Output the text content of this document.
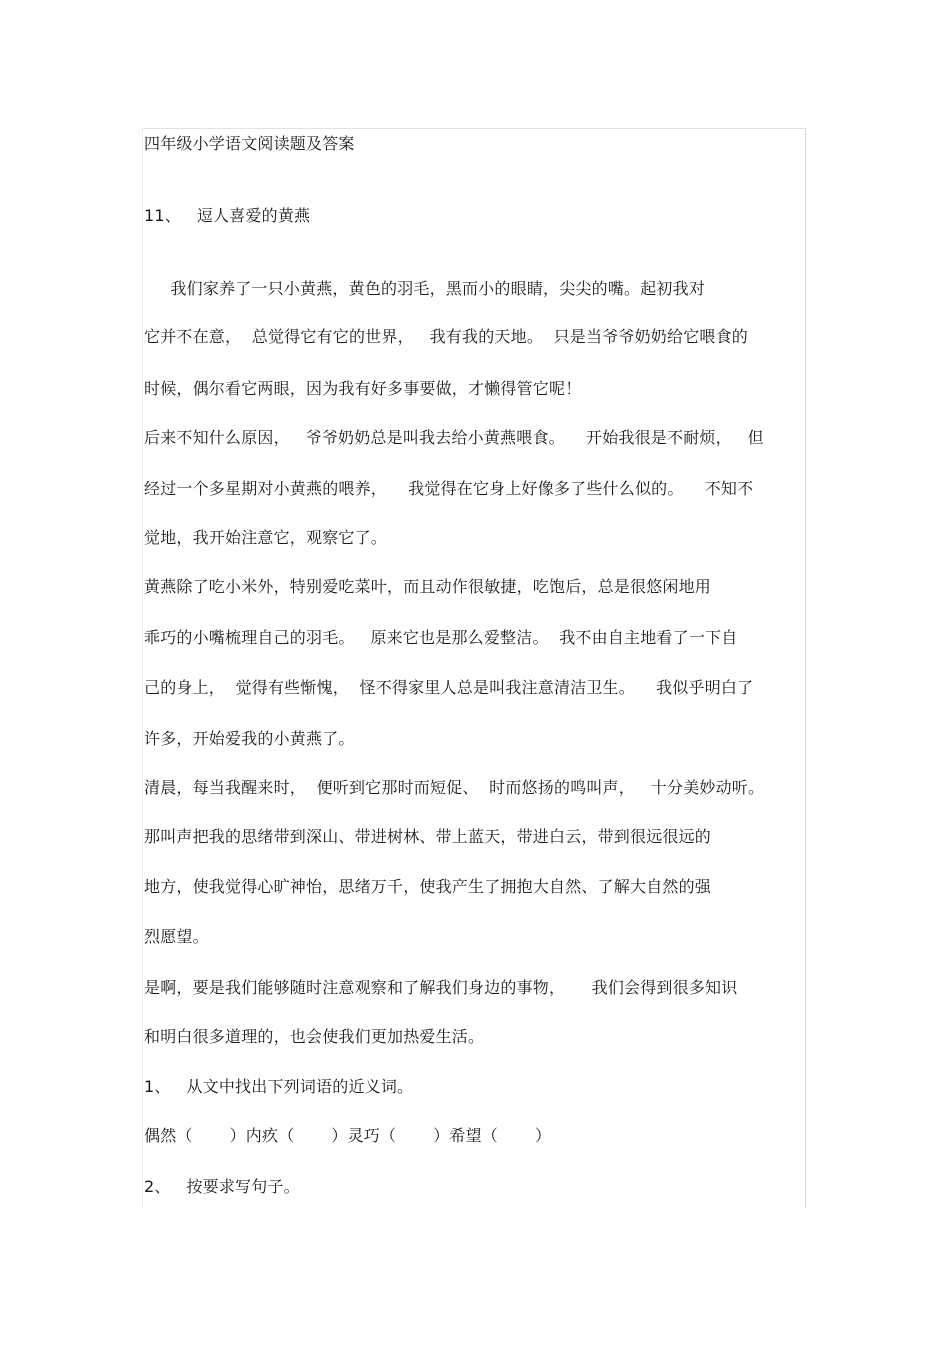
四年级小学语文阅读题及答案
11、   逗人喜爱的黄燕
我们家养了一只小黄燕，黄色的羽毛，黑而小的眼睛，尖尖的嘴。起初我对
它并不在意，  总觉得它有它的世界，   我有我的天地。  只是当爷爷奶奶给它喂食的
时候，偶尔看它两眼，因为我有好多事要做，才懒得管它呢！
后来不知什么原因，   爷爷奶奶总是叫我去给小黄燕喂食。    开始我很是不耐烦，   但
经过一个多星期对小黄燕的喂养，    我觉得在它身上好像多了些什么似的。    不知不
觉地，我开始注意它，观察它了。
黄燕除了吃小米外，特别爱吃菜叶，而且动作很敏捷，吃饱后，总是很悠闲地用
乖巧的小嘴梳理自己的羽毛。   原来它也是那么爱整洁。  我不由自主地看了一下自
己的身上，  觉得有些惭愧，  怪不得家里人总是叫我注意清洁卫生。    我似乎明白了
许多，开始爱我的小黄燕了。
清晨，每当我醒来时，  便听到它那时而短促、  时而悠扬的鸣叫声，   十分美妙动听。
那叫声把我的思绪带到深山、带进树林、带上蓝天，带进白云，带到很远很远的
地方，使我觉得心旷神怡，思绪万千，使我产生了拥抱大自然、了解大自然的强
烈愿望。
是啊，要是我们能够随时注意观察和了解我们身边的事物，     我们会得到很多知识
和明白很多道理的，也会使我们更加热爱生活。
1、   从文中找出下列词语的近义词。
偶然（       ）内疚（       ）灵巧（       ）希望（       ）
2、   按要求写句子。
